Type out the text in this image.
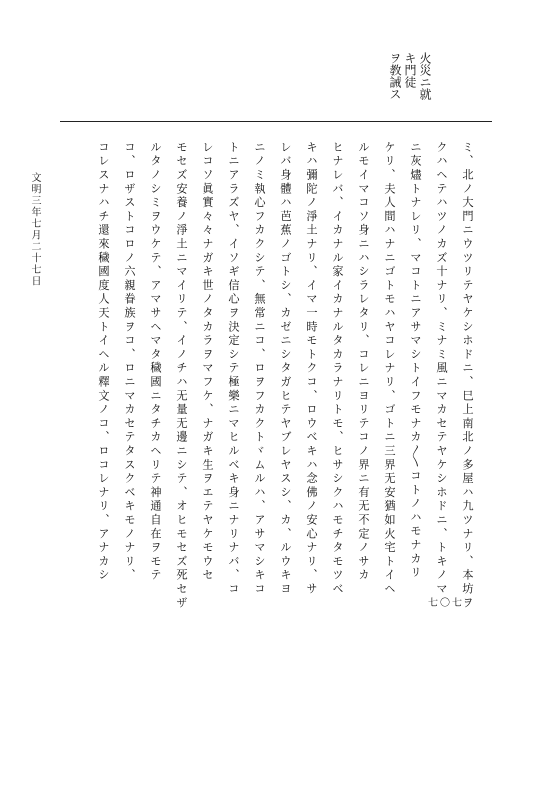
火災ニ就
キ門徒
ヲ教誡ス
ミ、北ノ大門ニウツリテヤケシホドニ、巳上南北ノ多屋ハ九ツナリ、本坊ヲ
クハヘテハツノカズ十ナリ、ミナミ風ニマカセテヤケシホドニ、トキノマ
ニ灰燼トナレリ、マコトニアサマシトイフモナカ〳〵コトノハモナカリ
ケリ、夫人間ハナニゴトモハヤコレナリ、ゴトニ三界无安猶如火宅トイヘ
ルモイマコソ身ニハシラレタリ、コレニヨリテコノ界ニ有无不定ノサカ
ヒナレバ、イカナル家イカナルタカラナリトモ、ヒサシクハモチタモツベ
キハ彌陀ノ淨土ナリ、イマ一時モトクコ、ロウベキハ念佛ノ安心ナリ、サ
レバ身體ハ芭蕉ノゴトシ、カゼニシタガヒテヤブレヤスシ、カ、ルウキヨ
ニノミ執心フカクシテ、無常ニコ、ロヲフカクトヾムルハ、アサマシキコ
トニアラズヤ、イソギ信心ヲ決定シテ極樂ニマヒルベキ身ニナリナバ、コ
レコソ眞實々々ナガキ世ノタカラヲマフケ、ナガキ生ヲエテヤケモウセ
モセズ安養ノ淨土ニマイリテ、イノチハ无量无邊ニシテ、オヒモセズ死セザ
ルタノシミヲウケテ、アマサヘマタ穢國ニタチカヘリテ神通自在ヲモテ
コ、ロザストコロノ六親眷族ヲコ、ロニマカセテタスクベキモノナリ、
コレスナハチ還來穢國度人天トイヘル釋文ノコ、ロコレナリ、アナカシ
文明三年七月二十七日
七〇七
